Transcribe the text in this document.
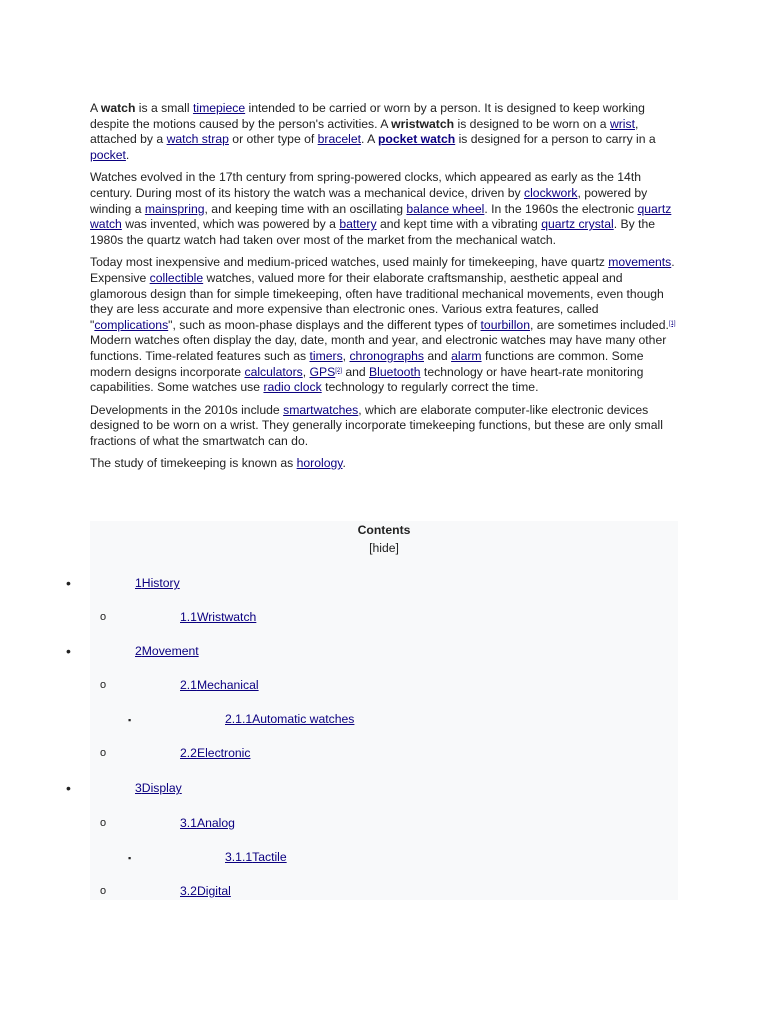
A watch is a small timepiece intended to be carried or worn by a person. It is designed to keep working despite the motions caused by the person's activities. A wristwatch is designed to be worn on a wrist, attached by a watch strap or other type of bracelet. A pocket watch is designed for a person to carry in a pocket.

Watches evolved in the 17th century from spring-powered clocks, which appeared as early as the 14th century. During most of its history the watch was a mechanical device, driven by clockwork, powered by winding a mainspring, and keeping time with an oscillating balance wheel. In the 1960s the electronic quartz watch was invented, which was powered by a battery and kept time with a vibrating quartz crystal. By the 1980s the quartz watch had taken over most of the market from the mechanical watch.

Today most inexpensive and medium-priced watches, used mainly for timekeeping, have quartz movements. Expensive collectible watches, valued more for their elaborate craftsmanship, aesthetic appeal and glamorous design than for simple timekeeping, often have traditional mechanical movements, even though they are less accurate and more expensive than electronic ones. Various extra features, called "complications", such as moon-phase displays and the different types of tourbillon, are sometimes included.[1] Modern watches often display the day, date, month and year, and electronic watches may have many other functions. Time-related features such as timers, chronographs and alarm functions are common. Some modern designs incorporate calculators, GPS[2] and Bluetooth technology or have heart-rate monitoring capabilities. Some watches use radio clock technology to regularly correct the time.

Developments in the 2010s include smartwatches, which are elaborate computer-like electronic devices designed to be worn on a wrist. They generally incorporate timekeeping functions, but these are only small fractions of what the smartwatch can do.

The study of timekeeping is known as horology.

Contents
[hide]
•	1History
o	1.1Wristwatch
•	2Movement
o	2.1Mechanical
▪	2.1.1Automatic watches
o	2.2Electronic
•	3Display
o	3.1Analog
▪	3.1.1Tactile
o	3.2Digital
